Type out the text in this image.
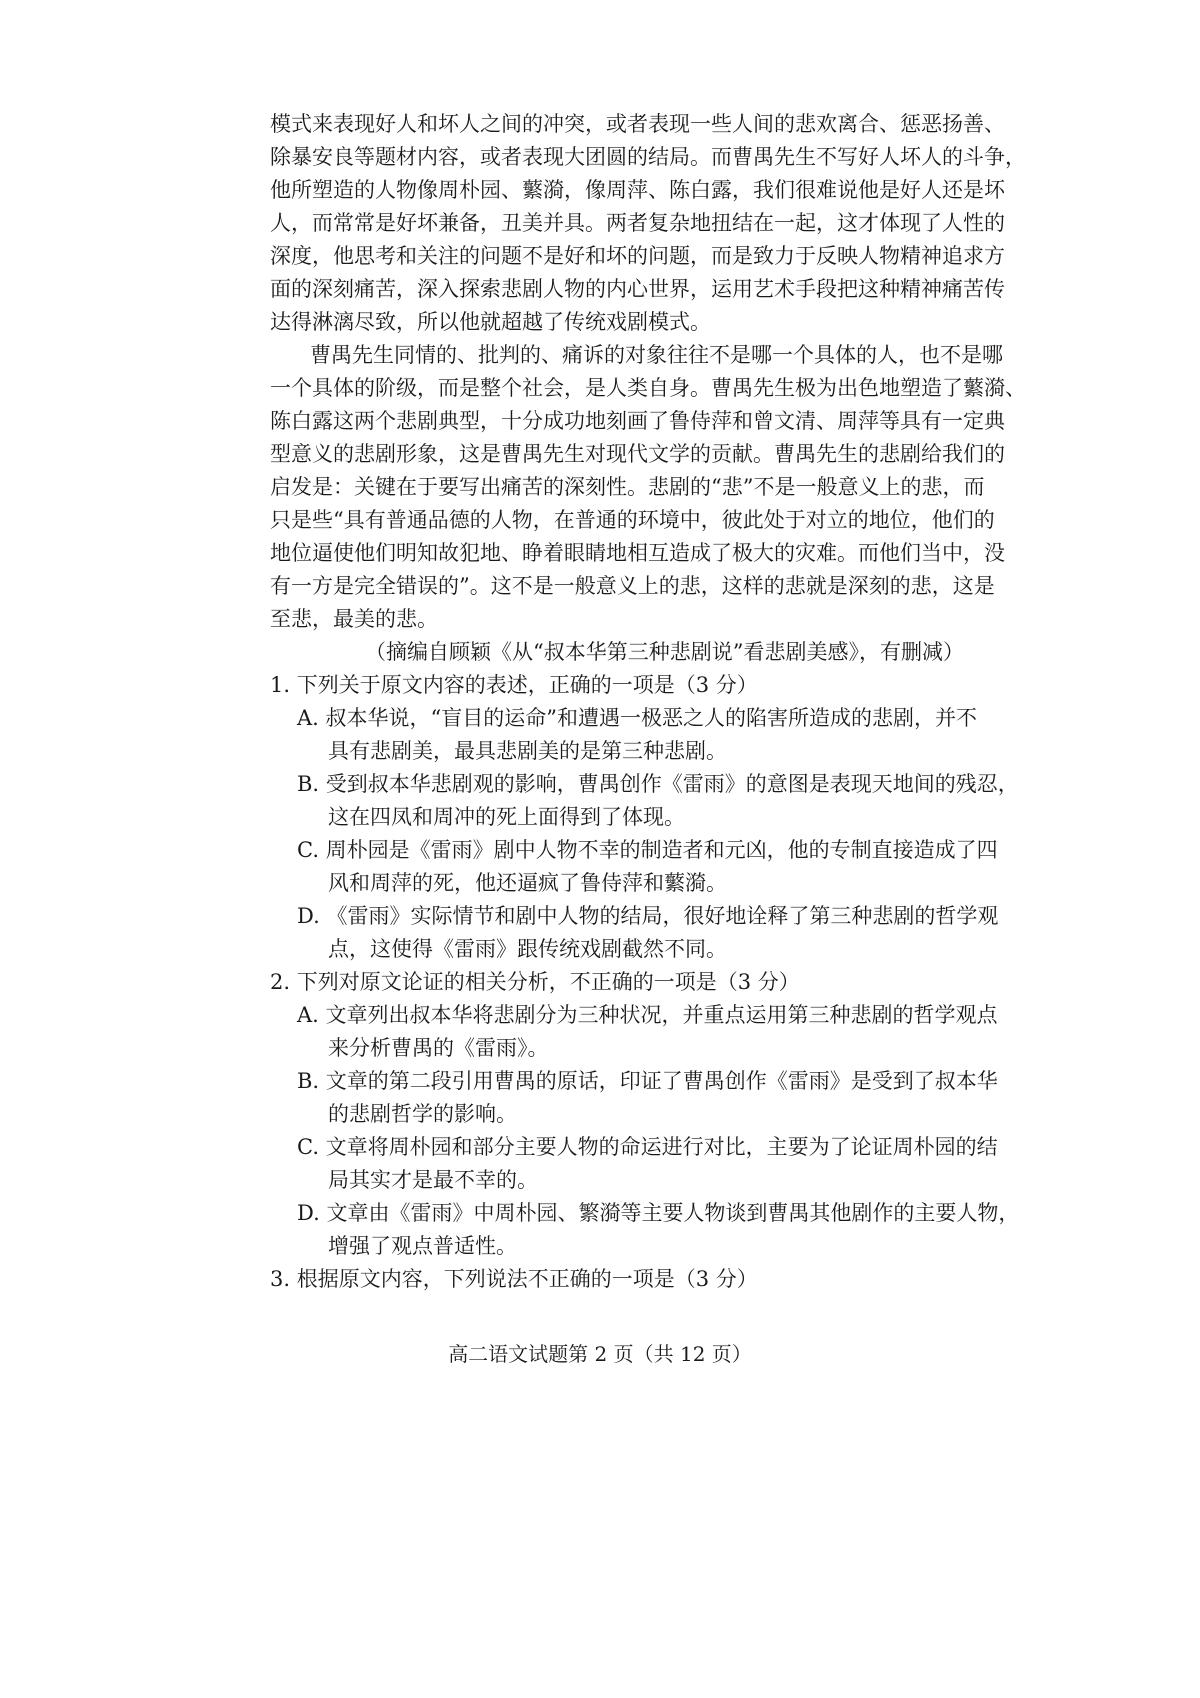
模式来表现好人和坏人之间的冲突，或者表现一些人间的悲欢离合、惩恶扬善、
除暴安良等题材内容，或者表现大团圆的结局。而曹禺先生不写好人坏人的斗争，
他所塑造的人物像周朴园、蘩漪，像周萍、陈白露，我们很难说他是好人还是坏
人，而常常是好坏兼备，丑美并具。两者复杂地扭结在一起，这才体现了人性的
深度，他思考和关注的问题不是好和坏的问题，而是致力于反映人物精神追求方
面的深刻痛苦，深入探索悲剧人物的内心世界，运用艺术手段把这种精神痛苦传
达得淋漓尽致，所以他就超越了传统戏剧模式。
曹禺先生同情的、批判的、痛诉的对象往往不是哪一个具体的人，也不是哪
一个具体的阶级，而是整个社会，是人类自身。曹禺先生极为出色地塑造了蘩漪、
陈白露这两个悲剧典型，十分成功地刻画了鲁侍萍和曾文清、周萍等具有一定典
型意义的悲剧形象，这是曹禺先生对现代文学的贡献。曹禺先生的悲剧给我们的
启发是：关键在于要写出痛苦的深刻性。悲剧的“悲”不是一般意义上的悲，而
只是些“具有普通品德的人物，在普通的环境中，彼此处于对立的地位，他们的
地位逼使他们明知故犯地、睁着眼睛地相互造成了极大的灾难。而他们当中，没
有一方是完全错误的”。这不是一般意义上的悲，这样的悲就是深刻的悲，这是
至悲，最美的悲。
（摘编自顾颖《从“叔本华第三种悲剧说”看悲剧美感》，有删减）
1. 下列关于原文内容的表述，正确的一项是（3 分）
A. 叔本华说，“盲目的运命”和遭遇一极恶之人的陷害所造成的悲剧，并不
具有悲剧美，最具悲剧美的是第三种悲剧。
B. 受到叔本华悲剧观的影响，曹禺创作《雷雨》的意图是表现天地间的残忍，
这在四凤和周冲的死上面得到了体现。
C. 周朴园是《雷雨》剧中人物不幸的制造者和元凶，他的专制直接造成了四
风和周萍的死，他还逼疯了鲁侍萍和蘩漪。
D. 《雷雨》实际情节和剧中人物的结局，很好地诠释了第三种悲剧的哲学观
点，这使得《雷雨》跟传统戏剧截然不同。
2. 下列对原文论证的相关分析，不正确的一项是（3 分）
A. 文章列出叔本华将悲剧分为三种状况，并重点运用第三种悲剧的哲学观点
来分析曹禺的《雷雨》。
B. 文章的第二段引用曹禺的原话，印证了曹禺创作《雷雨》是受到了叔本华
的悲剧哲学的影响。
C. 文章将周朴园和部分主要人物的命运进行对比，主要为了论证周朴园的结
局其实才是最不幸的。
D. 文章由《雷雨》中周朴园、繁漪等主要人物谈到曹禺其他剧作的主要人物，
增强了观点普适性。
3. 根据原文内容，下列说法不正确的一项是（3 分）
高二语文试题第 2 页（共 12 页）
